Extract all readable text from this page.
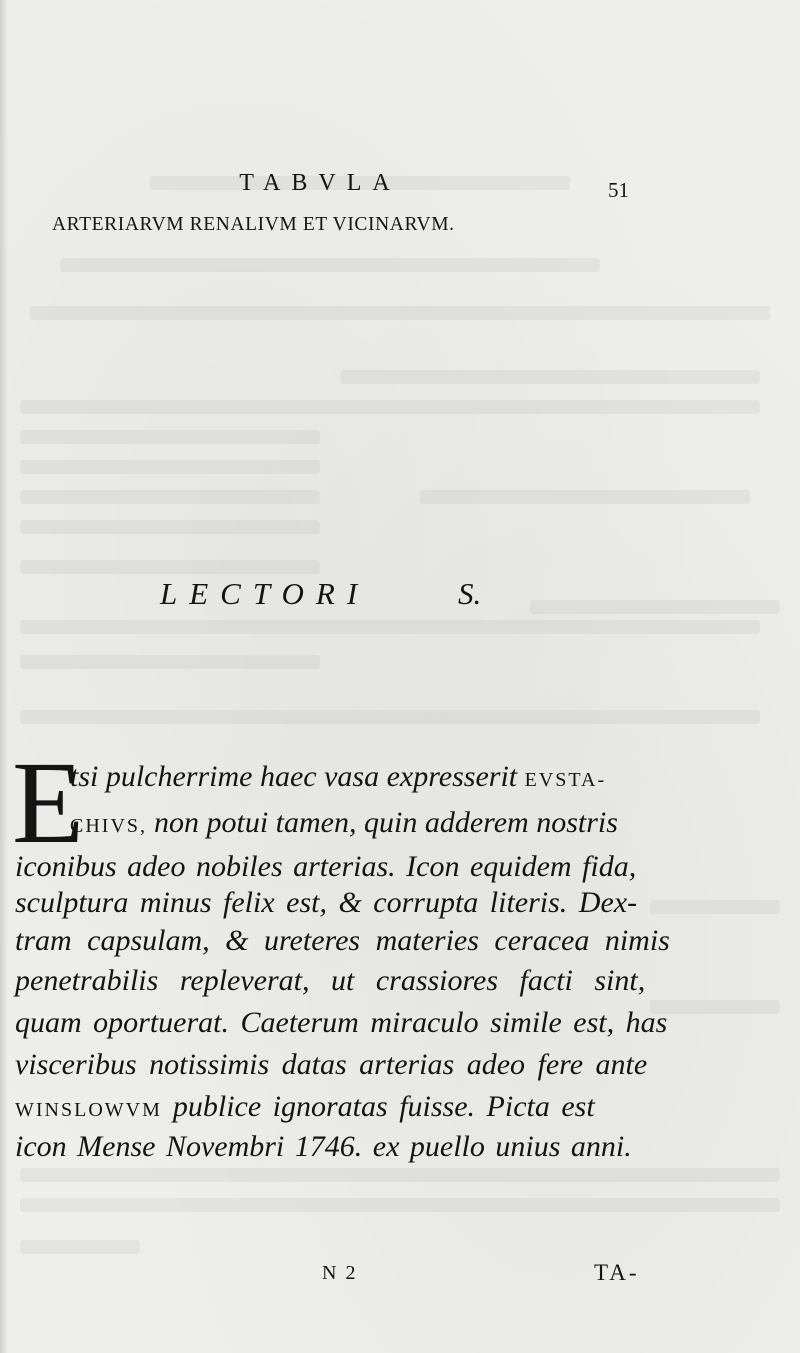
TABVLA	51
ARTERIARVM RENALIVM ET VICINARVM.
LECTORI	S.
E
tsi pulcherrime haec vasa expresserit EVSTA-
CHIVS, non potui tamen, quin adderem nostris
iconibus adeo nobiles arterias. Icon equidem fida,
sculptura minus felix est, & corrupta literis. Dex-
tram capsulam, & ureteres materies ceracea nimis
penetrabilis repleverat, ut crassiores facti sint,
quam oportuerat. Caeterum miraculo simile est, has
visceribus notissimis datas arterias adeo fere ante
WINSLOWVM publice ignoratas fuisse. Picta est
icon Mense Novembri 1746. ex puello unius anni.
N 2	TA-
